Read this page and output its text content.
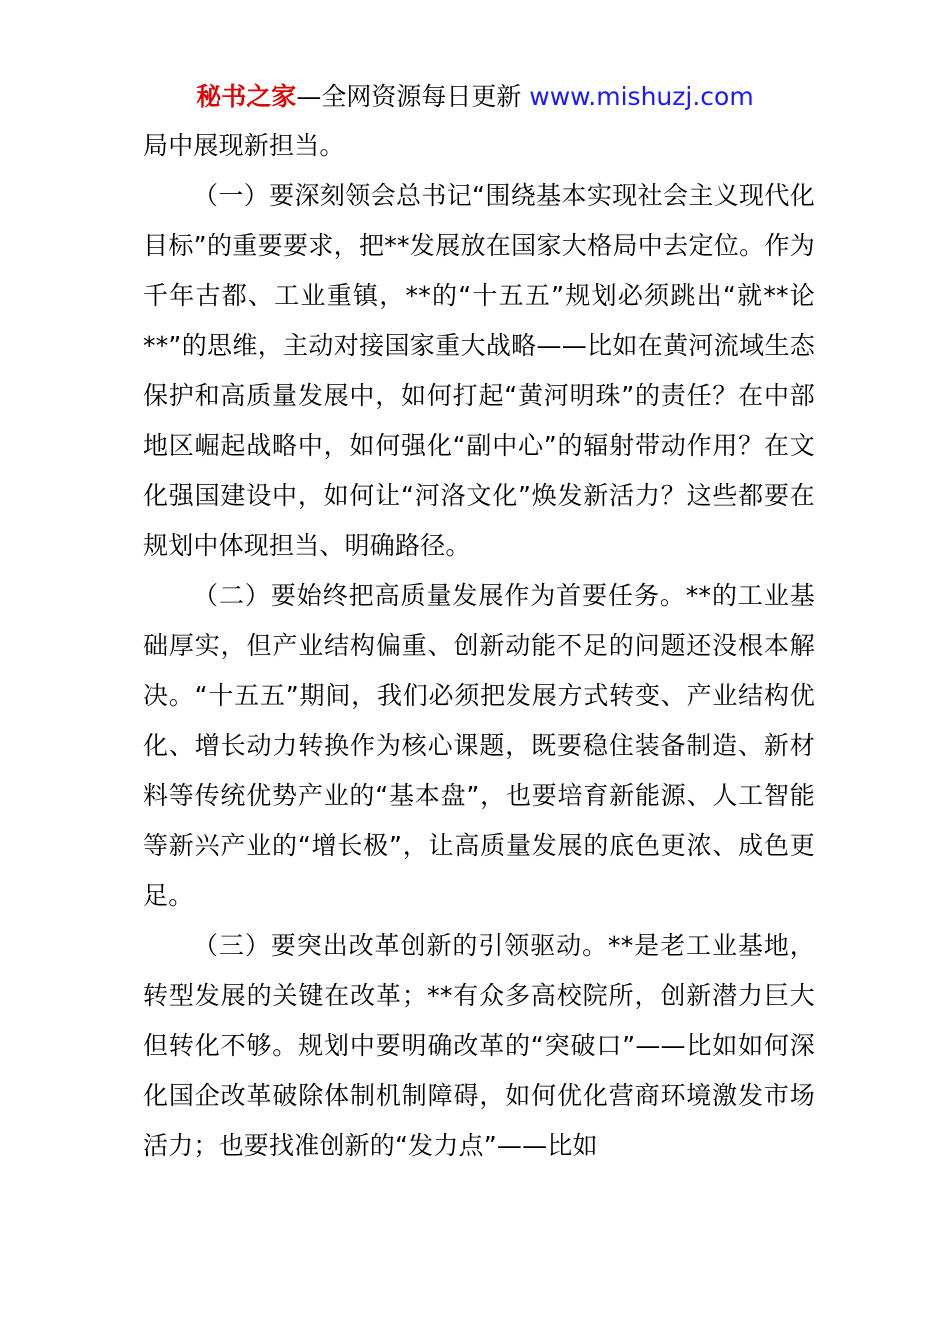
秘书之家—全网资源每日更新 www.mishuzj.com

局中展现新担当。

（一）要深刻领会总书记“围绕基本实现社会主义现代化目标”的重要要求，把**发展放在国家大格局中去定位。作为千年古都、工业重镇，**的“十五五”规划必须跳出“就**论**”的思维，主动对接国家重大战略——比如在黄河流域生态保护和高质量发展中，如何打起“黄河明珠”的责任？在中部地区崛起战略中，如何强化“副中心”的辐射带动作用？在文化强国建设中，如何让“河洛文化”焕发新活力？这些都要在规划中体现担当、明确路径。

（二）要始终把高质量发展作为首要任务。**的工业基础厚实，但产业结构偏重、创新动能不足的问题还没根本解决。“十五五”期间，我们必须把发展方式转变、产业结构优化、增长动力转换作为核心课题，既要稳住装备制造、新材料等传统优势产业的“基本盘”，也要培育新能源、人工智能等新兴产业的“增长极”，让高质量发展的底色更浓、成色更足。

（三）要突出改革创新的引领驱动。**是老工业基地，转型发展的关键在改革；**有众多高校院所，创新潜力巨大但转化不够。规划中要明确改革的“突破口”——比如如何深化国企改革破除体制机制障碍，如何优化营商环境激发市场活力；也要找准创新的“发力点”——比如
